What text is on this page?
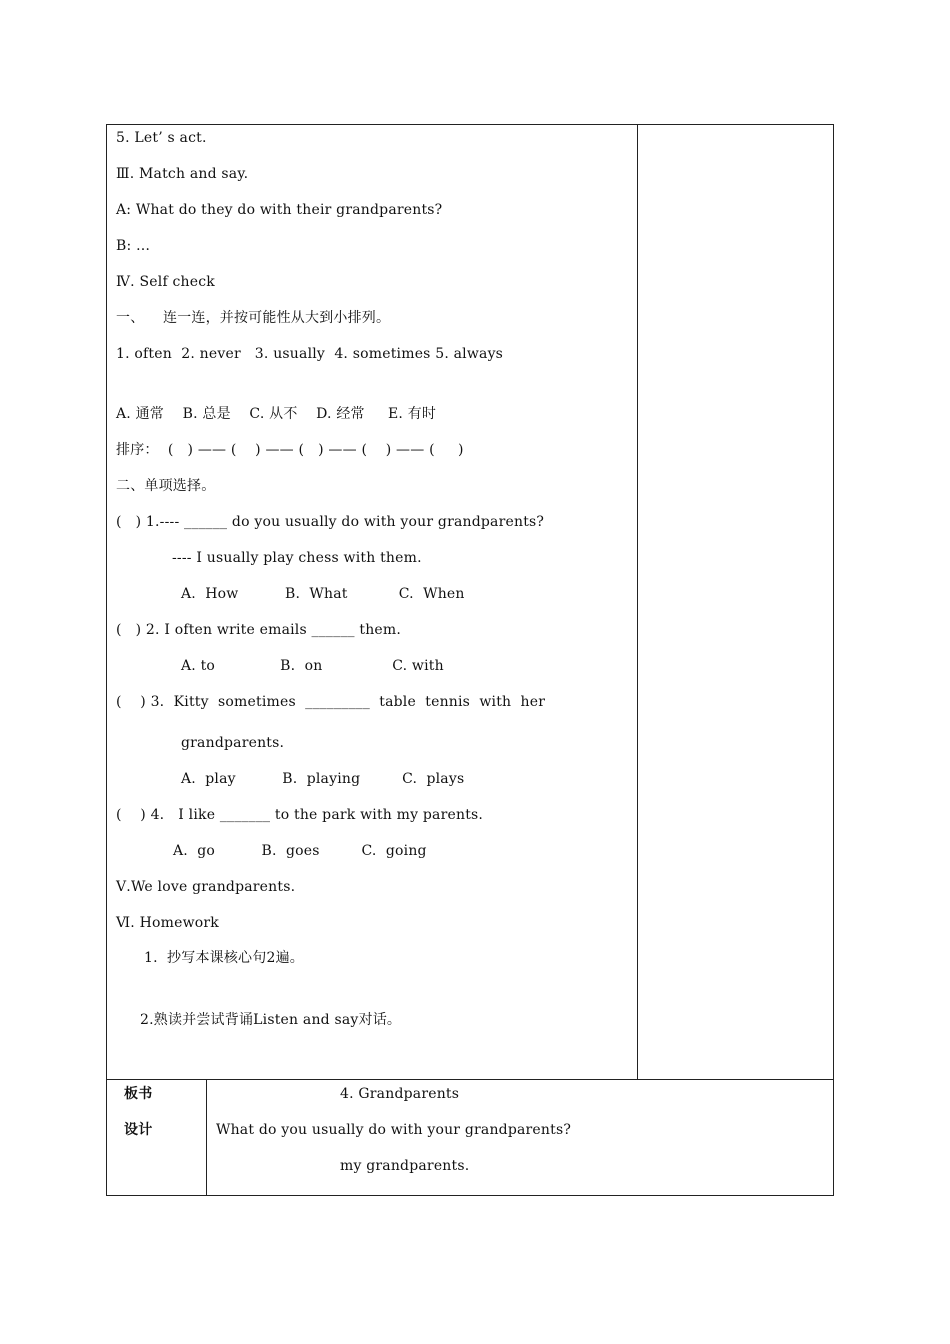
5. Let’ s act.
Ⅲ. Match and say.
A: What do they do with their grandparents?
B: …
Ⅳ. Self check
一、    连一连，并按可能性从大到小排列。
1. often  2. never   3. usually  4. sometimes 5. always
A. 通常    B. 总是    C. 从不    D. 经常     E. 有时
排序：  (   ) —— (    ) —— (   ) —— (    ) —— (     )
二、单项选择。
(   ) 1.---- ______ do you usually do with your grandparents?
---- I usually play chess with them.
A.  How          B.  What           C.  When
(   ) 2. I often write emails ______ them.
A. to              B.  on               C. with
(    ) 3.  Kitty  sometimes  _________  table  tennis  with  her
grandparents.
A.  play          B.  playing         C.  plays
(    ) 4.   I like _______ to the park with my parents.
A.  go          B.  goes         C.  going
Ⅴ.We love grandparents.
Ⅵ. Homework
1.  抄写本课核心句2遍。
2.熟读并尝试背诵Listen and say对话。
板书
设计
4. Grandparents
What do you usually do with your grandparents?
my grandparents.
